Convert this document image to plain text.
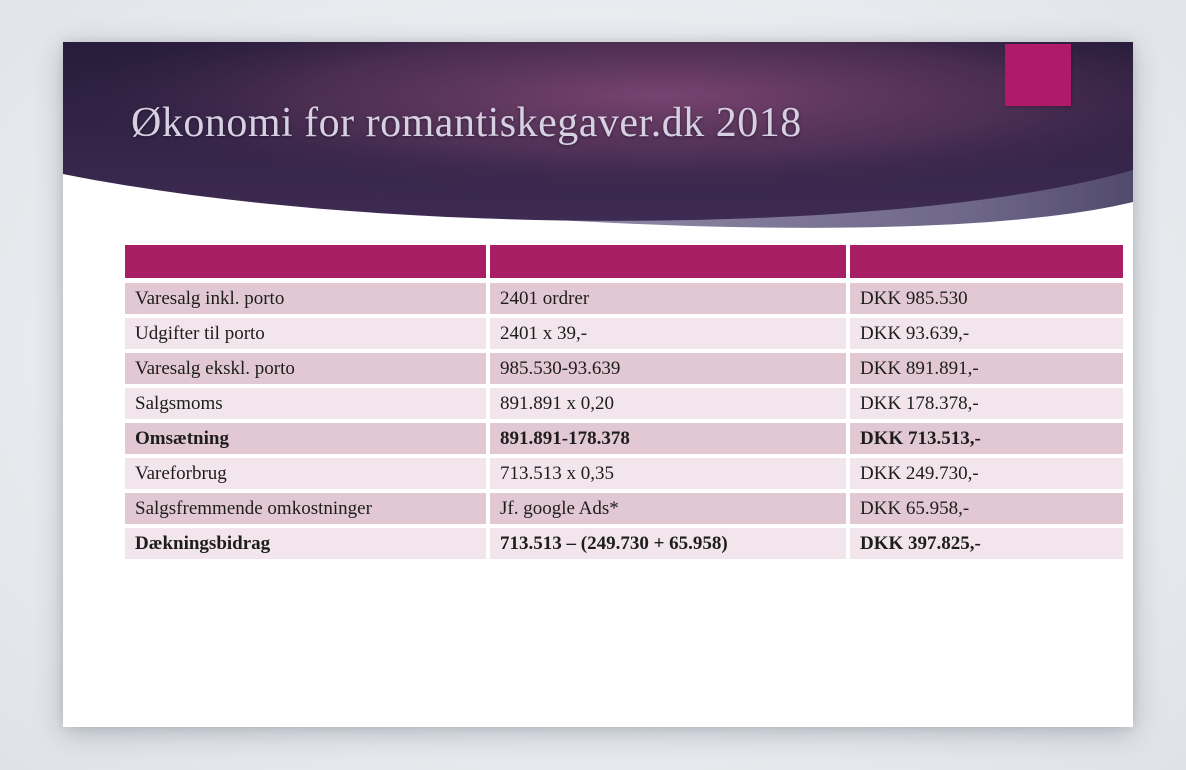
Økonomi for romantiskegaver.dk 2018

Varesalg inkl. porto	2401 ordrer	DKK 985.530
Udgifter til porto	2401 x 39,-	DKK 93.639,-
Varesalg ekskl. porto	985.530-93.639	DKK 891.891,-
Salgsmoms	891.891 x 0,20	DKK 178.378,-
Omsætning	891.891-178.378	DKK 713.513,-
Vareforbrug	713.513 x 0,35	DKK 249.730,-
Salgsfremmende omkostninger	Jf. google Ads*	DKK 65.958,-
Dækningsbidrag	713.513 – (249.730 + 65.958)	DKK 397.825,-
